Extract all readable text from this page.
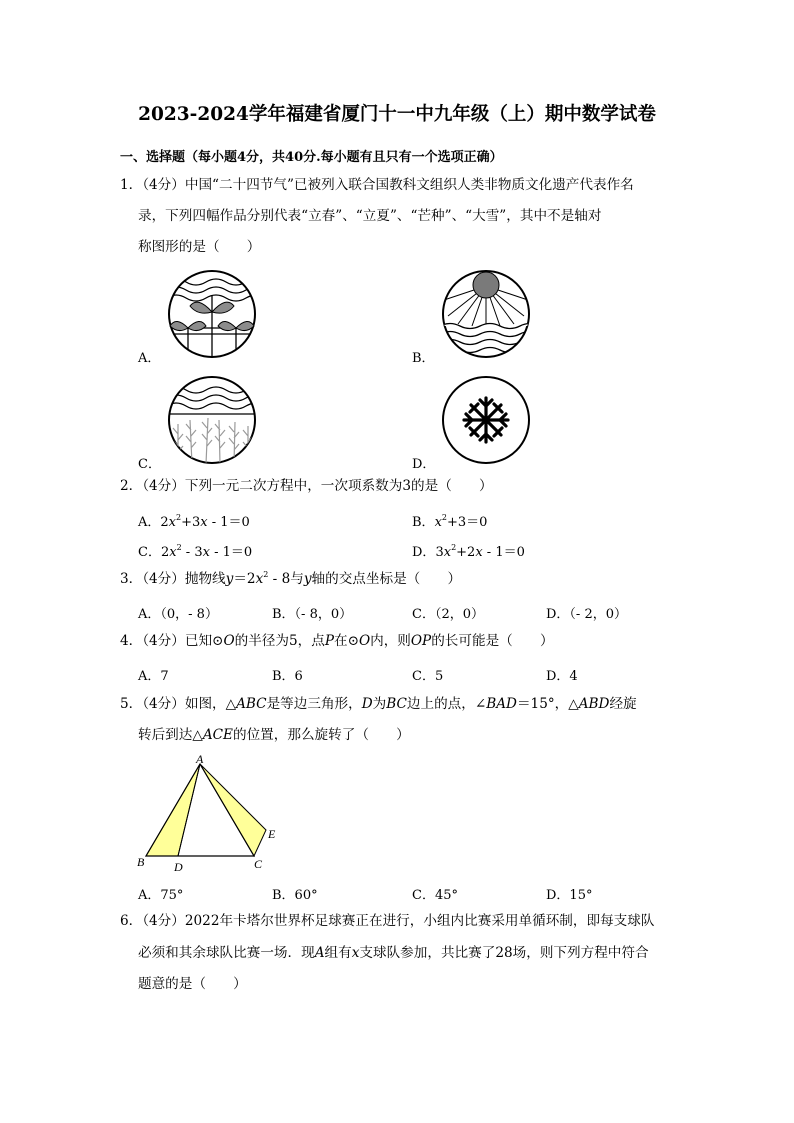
2023-2024学年福建省厦门十一中九年级（上）期中数学试卷
一、选择题（每小题4分，共40分.每小题有且只有一个选项正确）
1．（4分）中国“二十四节气”已被列入联合国教科文组织人类非物质文化遗产代表作名
录，下列四幅作品分别代表“立春”、“立夏”、“芒种”、“大雪”，其中不是轴对
称图形的是（　　）
A．	B．
C．	D．
2．（4分）下列一元二次方程中，一次项系数为3的是（　　）
A．$2x^2+3x - 1=0$	B．$x^2+3=0$
C．$2x^2 - 3x - 1=0$	D．$3x^2+2x - 1=0$
3．（4分）抛物线$y=2x^2 - 8$与y轴的交点坐标是（　　）
A．（0，- 8）	B．（- 8，0）	C．（2，0）	D．（- 2，0）
4．（4分）已知⊙O的半径为5，点P在⊙O内，则OP的长可能是（　　）
A．7	B．6	C．5	D．4
5．（4分）如图，△ABC是等边三角形，D为BC边上的点，∠BAD＝15°，△ABD经旋
转后到达△ACE的位置，那么旋转了（　　）
A
B D	C
E
A．75°	B．60°	C．45°	D．15°
6．（4分）2022年卡塔尔世界杯足球赛正在进行，小组内比赛采用单循环制，即每支球队
必须和其余球队比赛一场．现A组有x支球队参加，共比赛了28场，则下列方程中符合
题意的是（　　）
